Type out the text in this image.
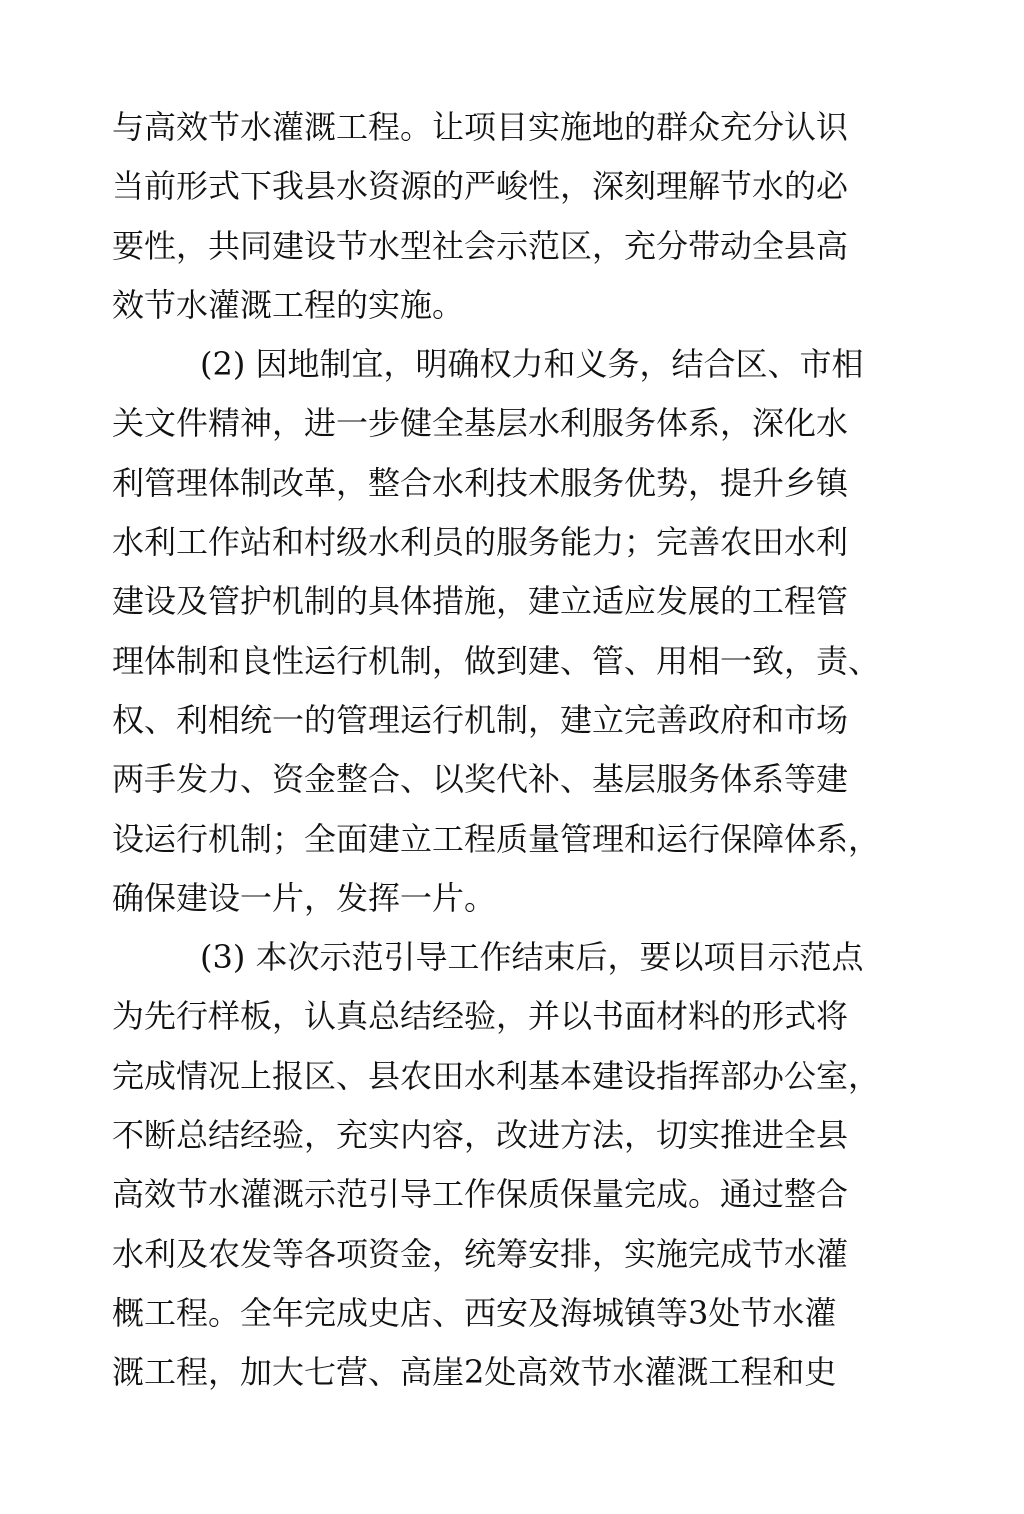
与高效节水灌溉工程。让项目实施地的群众充分认识
当前形式下我县水资源的严峻性，深刻理解节水的必
要性，共同建设节水型社会示范区，充分带动全县高
效节水灌溉工程的实施。
(2) 因地制宜，明确权力和义务，结合区、市相
关文件精神，进一步健全基层水利服务体系，深化水
利管理体制改革，整合水利技术服务优势，提升乡镇
水利工作站和村级水利员的服务能力；完善农田水利
建设及管护机制的具体措施，建立适应发展的工程管
理体制和良性运行机制，做到建、管、用相一致，责、
权、利相统一的管理运行机制，建立完善政府和市场
两手发力、资金整合、以奖代补、基层服务体系等建
设运行机制；全面建立工程质量管理和运行保障体系，
确保建设一片，发挥一片。
(3) 本次示范引导工作结束后，要以项目示范点
为先行样板，认真总结经验，并以书面材料的形式将
完成情况上报区、县农田水利基本建设指挥部办公室，
不断总结经验，充实内容，改进方法，切实推进全县
高效节水灌溉示范引导工作保质保量完成。通过整合
水利及农发等各项资金，统筹安排，实施完成节水灌
概工程。全年完成史店、西安及海城镇等3处节水灌
溉工程，加大七营、高崖2处高效节水灌溉工程和史
